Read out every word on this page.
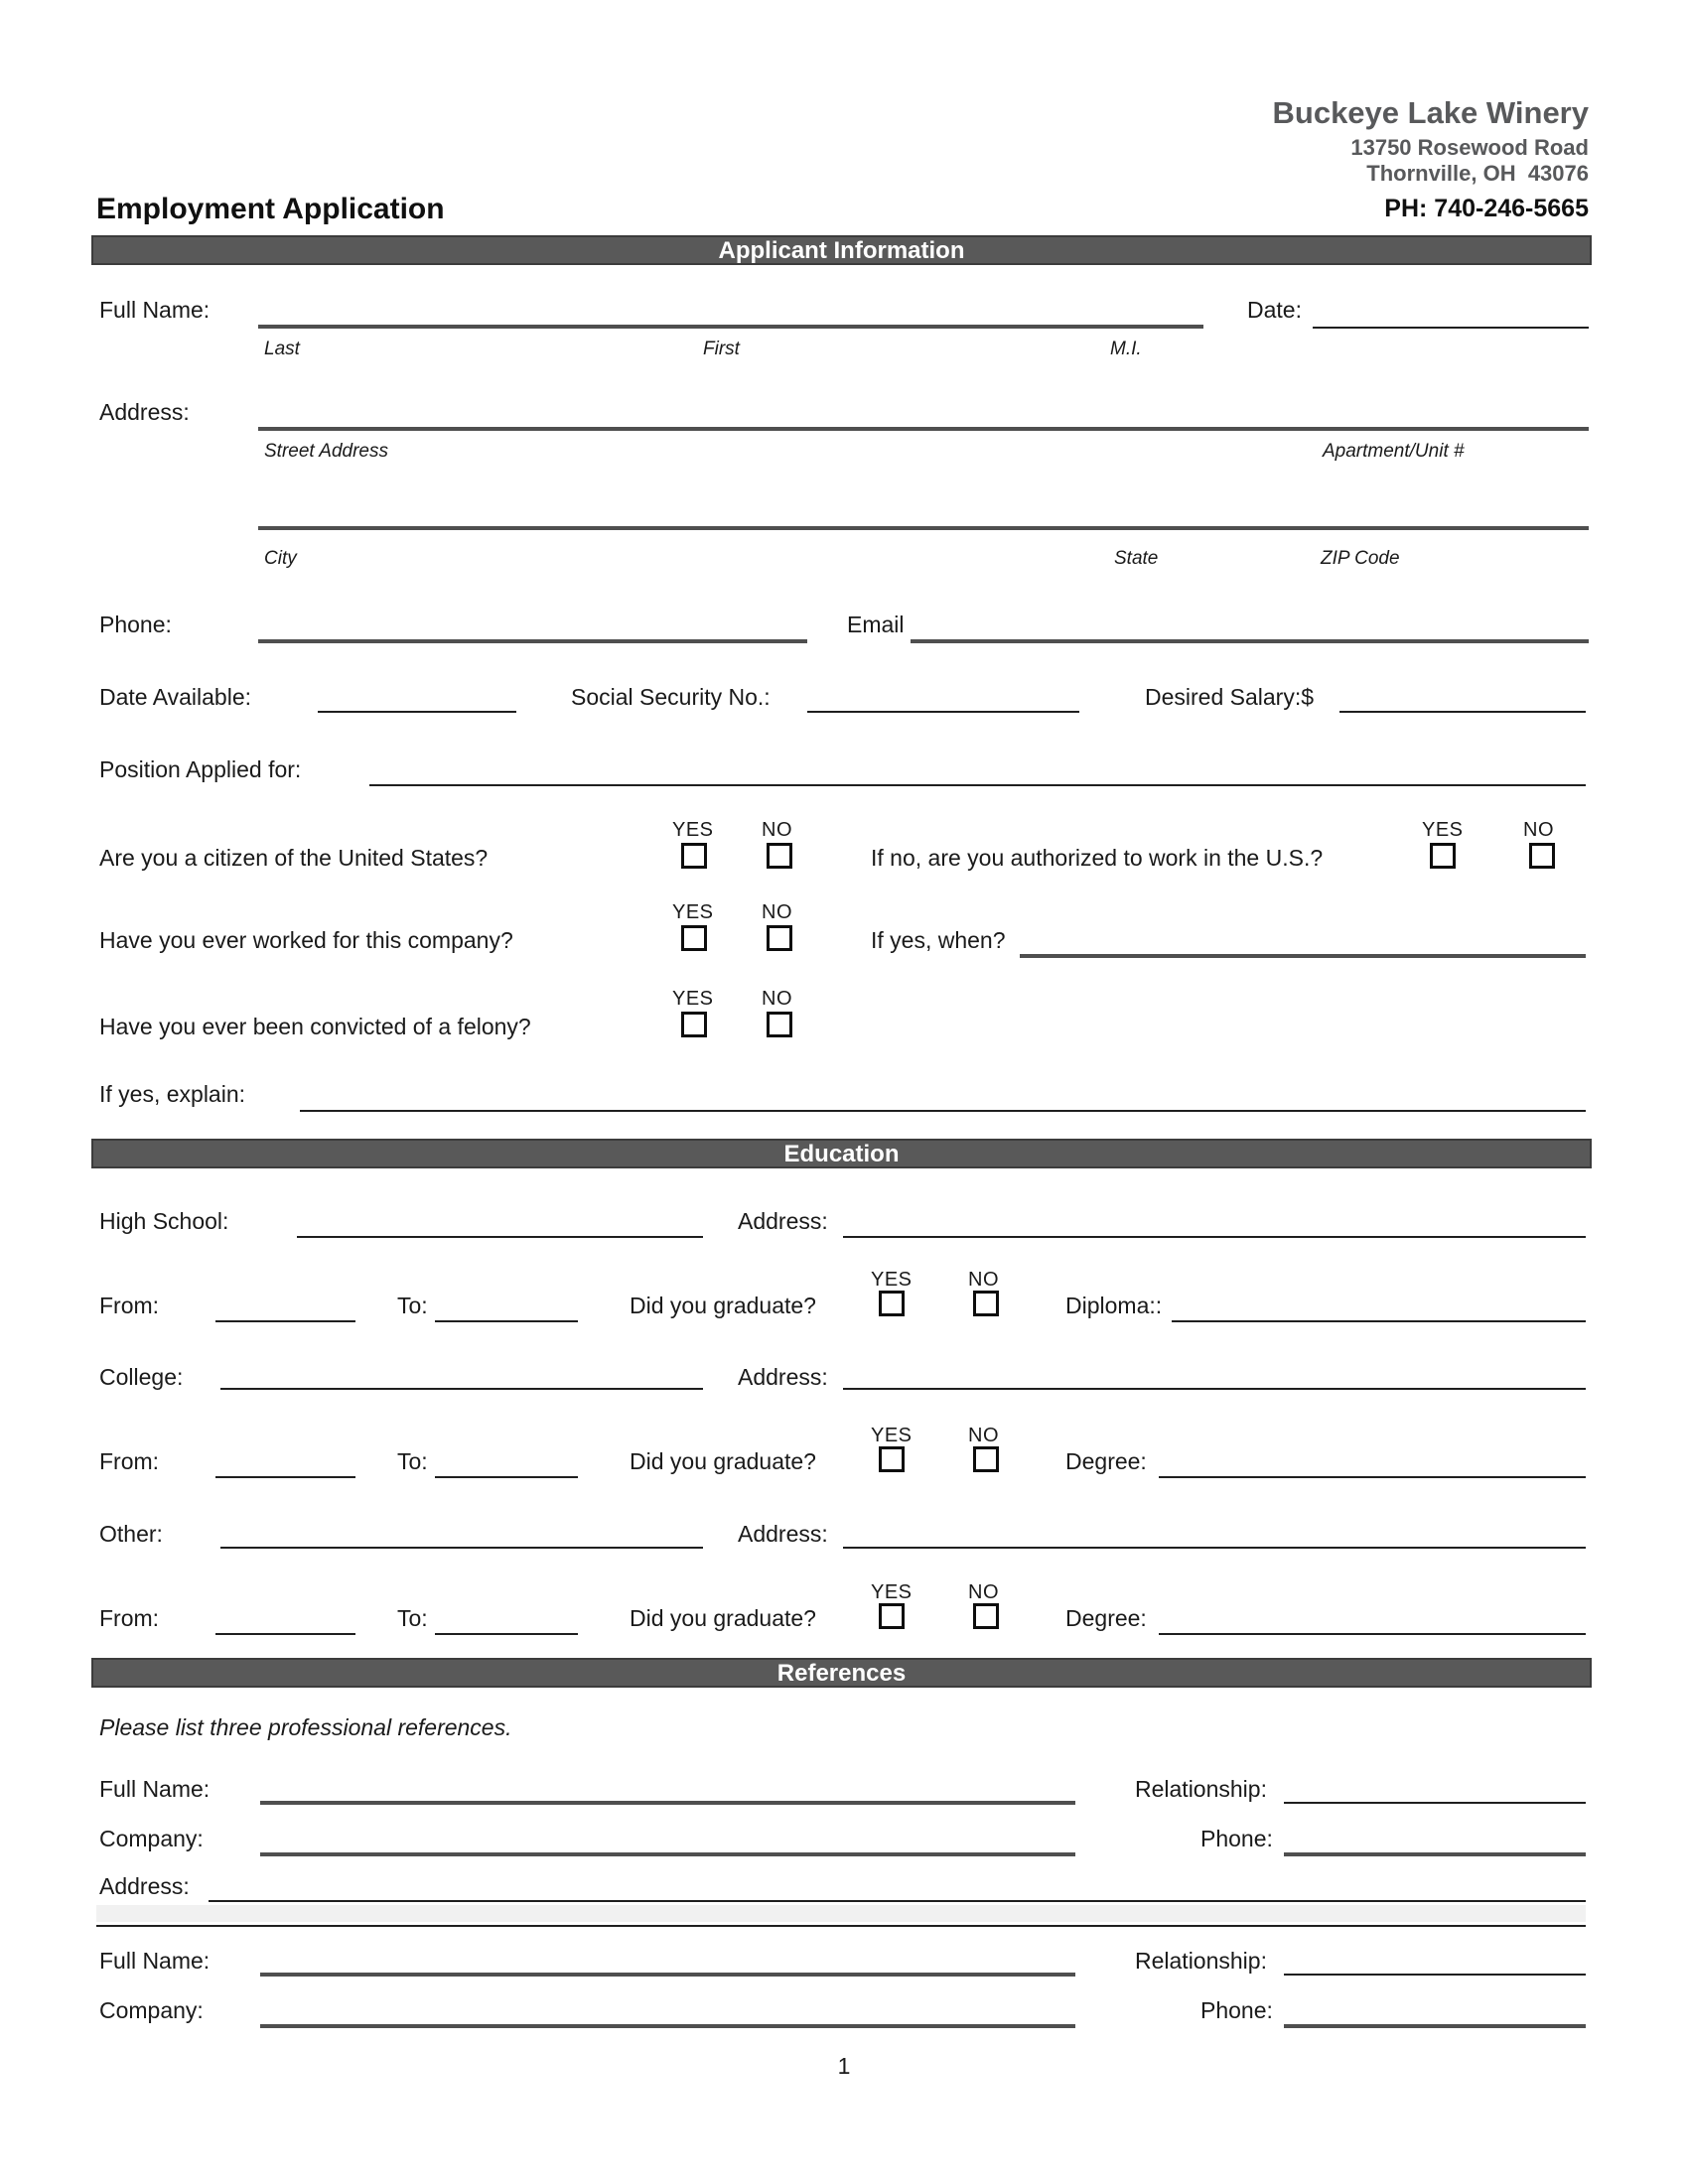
Buckeye Lake Winery
13750 Rosewood Road
Thornville, OH  43076
Employment Application	PH: 740-246-5665
Applicant Information
Full Name:	Date:
Last	First	M.I.
Address:
Street Address	Apartment/Unit #
City	State	ZIP Code
Phone:	Email
Date Available:	Social Security No.:	Desired Salary:$
Position Applied for:
YES NO
Are you a citizen of the United States?	If no, are you authorized to work in the U.S.?
YES	NO
YES NO
Have you ever worked for this company?	If yes, when?
YES NO
Have you ever been convicted of a felony?
If yes, explain:
Education
High School:	Address:
YES	NO
From:	To:	Did you graduate?	Diploma::
College:	Address:
YES	NO
From:	To:	Did you graduate?	Degree:
Other:	Address:
YES	NO
From:	To:	Did you graduate?	Degree:
References
Please list three professional references.
Full Name:	Relationship:
Company:	Phone:
Address:
Full Name:	Relationship:
Company:	Phone:
1
